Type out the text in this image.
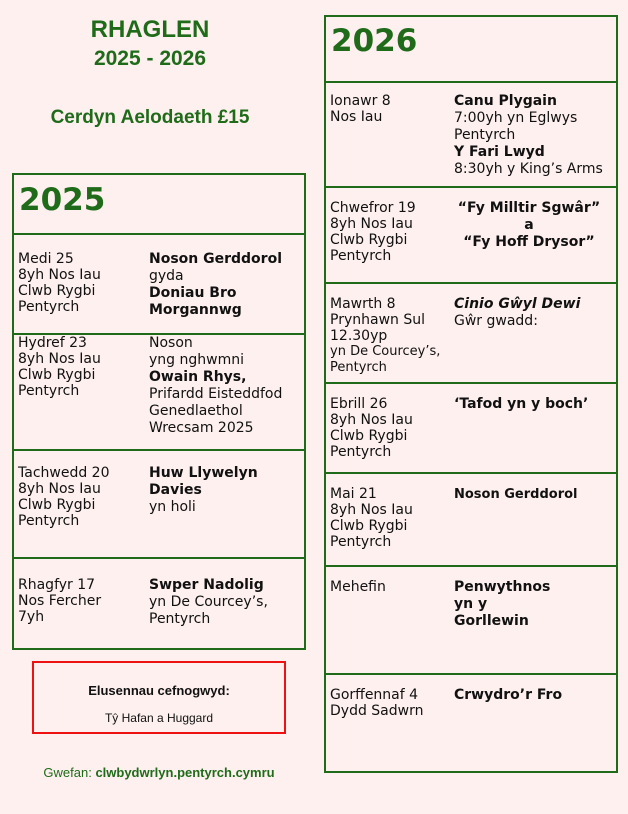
RHAGLEN
2025 - 2026
Cerdyn Aelodaeth £15
2025
Medi 25
8yh Nos Iau
Clwb Rygbi
Pentyrch
Noson Gerddorol
gyda
Doniau Bro
Morgannwg
Hydref 23
8yh Nos Iau
Clwb Rygbi
Pentyrch
Noson
yng nghwmni
Owain Rhys,
Prifardd Eisteddfod
Genedlaethol
Wrecsam 2025
Tachwedd 20
8yh Nos Iau
Clwb Rygbi
Pentyrch
Huw Llywelyn
Davies
yn holi
Rhagfyr 17
Nos Fercher
7yh
Swper Nadolig
yn De Courcey’s,
Pentyrch
2026
Ionawr 8
Nos Iau
Canu Plygain
7:00yh yn Eglwys
Pentyrch
Y Fari Lwyd
8:30yh y King’s Arms
Chwefror 19
8yh Nos Iau
Clwb Rygbi
Pentyrch
“Fy Milltir Sgwâr”
a
“Fy Hoff Drysor”
Mawrth 8
Prynhawn Sul
12.30yp
yn De Courcey’s,
Pentyrch
Cinio Gŵyl Dewi
Gŵr gwadd:
Ebrill 26
8yh Nos Iau
Clwb Rygbi
Pentyrch
‘Tafod yn y boch’
Mai 21
8yh Nos Iau
Clwb Rygbi
Pentyrch
Noson Gerddorol
Mehefin	Penwythnos
yn y
Gorllewin
Gorffennaf 4
Dydd Sadwrn
Crwydro’r Fro
Elusennau cefnogwyd:
Tŷ Hafan a Huggard
Gwefan: clwbydwrlyn.pentyrch.cymru
